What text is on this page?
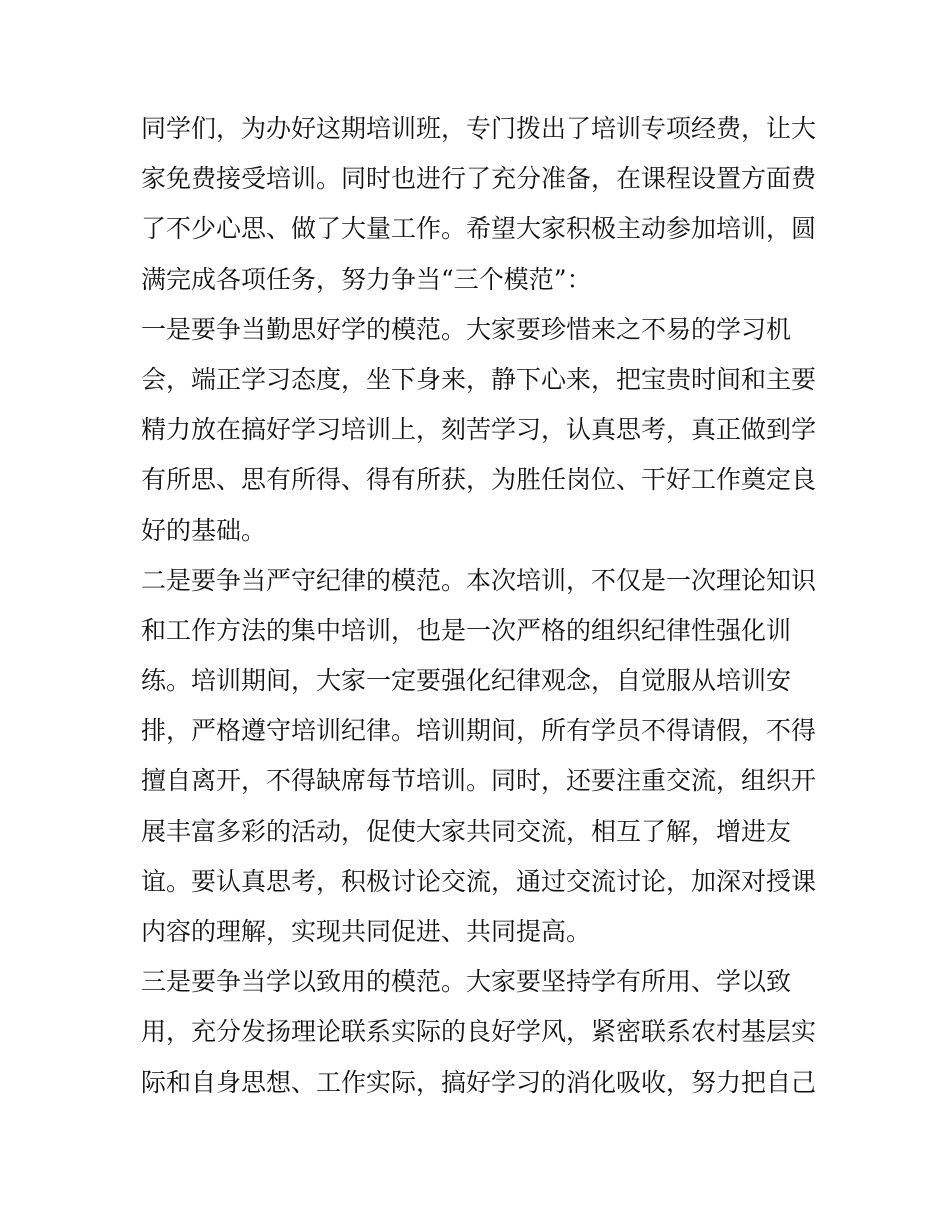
同学们，为办好这期培训班，专门拨出了培训专项经费，让大
家免费接受培训。同时也进行了充分准备，在课程设置方面费
了不少心思、做了大量工作。希望大家积极主动参加培训，圆
满完成各项任务，努力争当“三个模范”：
一是要争当勤思好学的模范。大家要珍惜来之不易的学习机
会，端正学习态度，坐下身来，静下心来，把宝贵时间和主要
精力放在搞好学习培训上，刻苦学习，认真思考，真正做到学
有所思、思有所得、得有所获，为胜任岗位、干好工作奠定良
好的基础。
二是要争当严守纪律的模范。本次培训，不仅是一次理论知识
和工作方法的集中培训，也是一次严格的组织纪律性强化训
练。培训期间，大家一定要强化纪律观念，自觉服从培训安
排，严格遵守培训纪律。培训期间，所有学员不得请假，不得
擅自离开，不得缺席每节培训。同时，还要注重交流，组织开
展丰富多彩的活动，促使大家共同交流，相互了解，增进友
谊。要认真思考，积极讨论交流，通过交流讨论，加深对授课
内容的理解，实现共同促进、共同提高。
三是要争当学以致用的模范。大家要坚持学有所用、学以致
用，充分发扬理论联系实际的良好学风，紧密联系农村基层实
际和自身思想、工作实际，搞好学习的消化吸收，努力把自己
